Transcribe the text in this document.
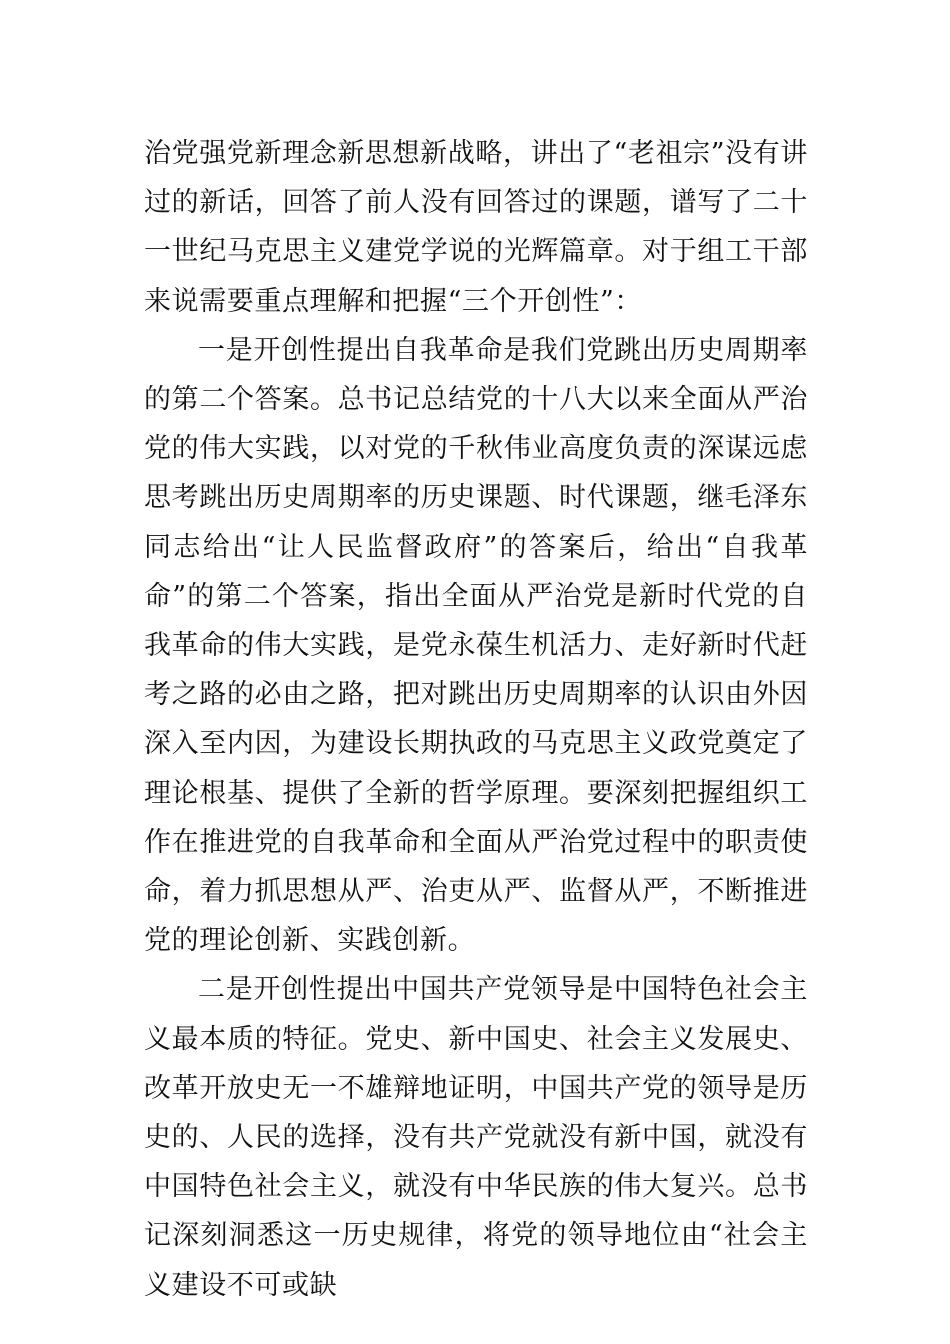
治党强党新理念新思想新战略，讲出了“老祖宗”没有讲过的新话，回答了前人没有回答过的课题，谱写了二十一世纪马克思主义建党学说的光辉篇章。对于组工干部来说需要重点理解和把握“三个开创性”：

一是开创性提出自我革命是我们党跳出历史周期率的第二个答案。总书记总结党的十八大以来全面从严治党的伟大实践，以对党的千秋伟业高度负责的深谋远虑思考跳出历史周期率的历史课题、时代课题，继毛泽东同志给出“让人民监督政府”的答案后，给出“自我革命”的第二个答案，指出全面从严治党是新时代党的自我革命的伟大实践，是党永葆生机活力、走好新时代赶考之路的必由之路，把对跳出历史周期率的认识由外因深入至内因，为建设长期执政的马克思主义政党奠定了理论根基、提供了全新的哲学原理。要深刻把握组织工作在推进党的自我革命和全面从严治党过程中的职责使命，着力抓思想从严、治吏从严、监督从严，不断推进党的理论创新、实践创新。

二是开创性提出中国共产党领导是中国特色社会主义最本质的特征。党史、新中国史、社会主义发展史、改革开放史无一不雄辩地证明，中国共产党的领导是历史的、人民的选择，没有共产党就没有新中国，就没有中国特色社会主义，就没有中华民族的伟大复兴。总书记深刻洞悉这一历史规律，将党的领导地位由“社会主义建设不可或缺
